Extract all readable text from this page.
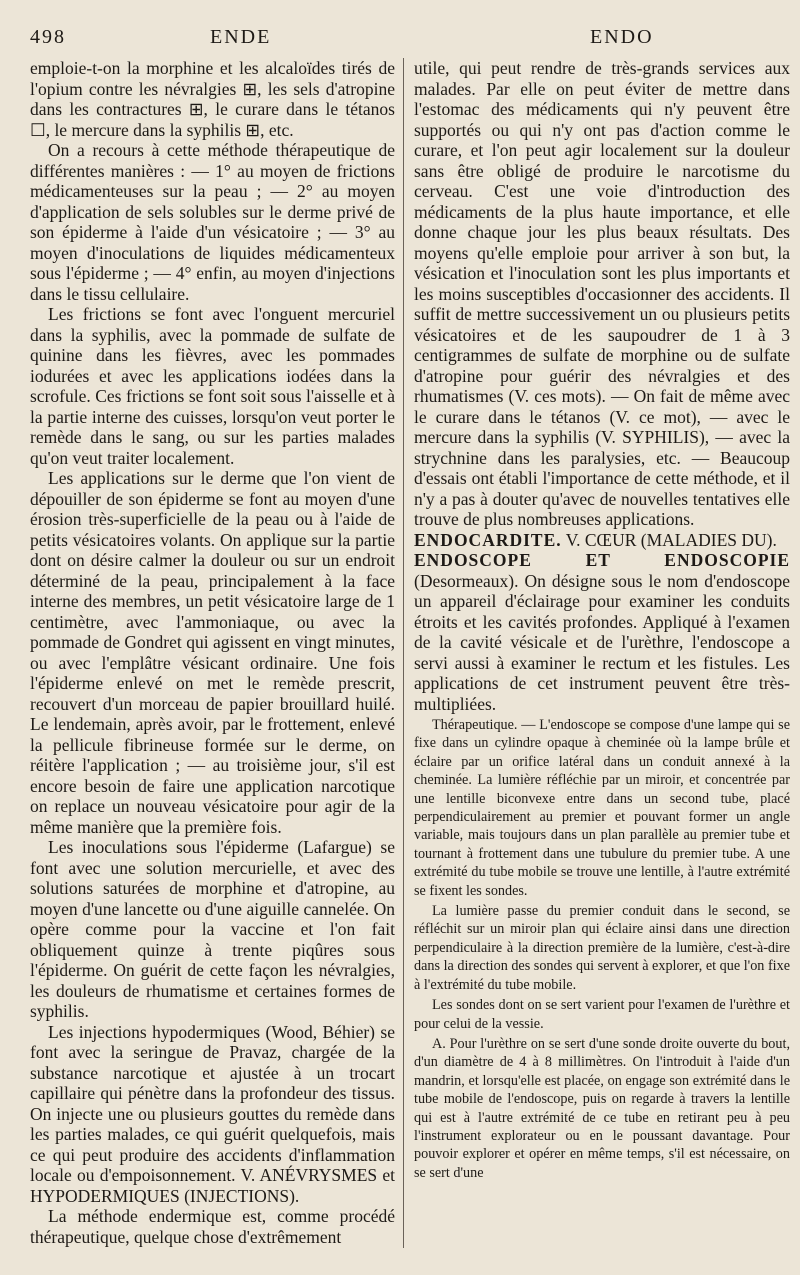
498	ENDE	ENDO

emploie-t-on la morphine et les alcaloïdes tirés de l'opium contre les névralgies ⊞, les sels d'atropine dans les contractures ⊞, le curare dans le tétanos ☐, le mercure dans la syphilis ⊞, etc.

On a recours à cette méthode thérapeutique de différentes manières : — 1° au moyen de frictions médicamenteuses sur la peau ; — 2° au moyen d'application de sels solubles sur le derme privé de son épiderme à l'aide d'un vésicatoire ; — 3° au moyen d'inoculations de liquides médicamenteux sous l'épiderme ; — 4° enfin, au moyen d'injections dans le tissu cellulaire.

Les frictions se font avec l'onguent mercuriel dans la syphilis, avec la pommade de sulfate de quinine dans les fièvres, avec les pommades iodurées et avec les applications iodées dans la scrofule. Ces frictions se font soit sous l'aisselle et à la partie interne des cuisses, lorsqu'on veut porter le remède dans le sang, ou sur les parties malades qu'on veut traiter localement.

Les applications sur le derme que l'on vient de dépouiller de son épiderme se font au moyen d'une érosion très-superficielle de la peau ou à l'aide de petits vésicatoires volants. On applique sur la partie dont on désire calmer la douleur ou sur un endroit déterminé de la peau, principalement à la face interne des membres, un petit vésicatoire large de 1 centimètre, avec l'ammoniaque, ou avec la pommade de Gondret qui agissent en vingt minutes, ou avec l'emplâtre vésicant ordinaire. Une fois l'épiderme enlevé on met le remède prescrit, recouvert d'un morceau de papier brouillard huilé. Le lendemain, après avoir, par le frottement, enlevé la pellicule fibrineuse formée sur le derme, on réitère l'application ; — au troisième jour, s'il est encore besoin de faire une application narcotique on replace un nouveau vésicatoire pour agir de la même manière que la première fois.

Les inoculations sous l'épiderme (Lafargue) se font avec une solution mercurielle, et avec des solutions saturées de morphine et d'atropine, au moyen d'une lancette ou d'une aiguille cannelée. On opère comme pour la vaccine et l'on fait obliquement quinze à trente piqûres sous l'épiderme. On guérit de cette façon les névralgies, les douleurs de rhumatisme et certaines formes de syphilis.

Les injections hypodermiques (Wood, Béhier) se font avec la seringue de Pravaz, chargée de la substance narcotique et ajustée à un trocart capillaire qui pénètre dans la profondeur des tissus. On injecte une ou plusieurs gouttes du remède dans les parties malades, ce qui guérit quelquefois, mais ce qui peut produire des accidents d'inflammation locale ou d'empoisonnement. V. ANÉVRYSMES et HYPODERMIQUES (INJECTIONS).

La méthode endermique est, comme procédé thérapeutique, quelque chose d'extrêmement

utile, qui peut rendre de très-grands services aux malades. Par elle on peut éviter de mettre dans l'estomac des médicaments qui n'y peuvent être supportés ou qui n'y ont pas d'action comme le curare, et l'on peut agir localement sur la douleur sans être obligé de produire le narcotisme du cerveau. C'est une voie d'introduction des médicaments de la plus haute importance, et elle donne chaque jour les plus beaux résultats. Des moyens qu'elle emploie pour arriver à son but, la vésication et l'inoculation sont les plus importants et les moins susceptibles d'occasionner des accidents. Il suffit de mettre successivement un ou plusieurs petits vésicatoires et de les saupoudrer de 1 à 3 centigrammes de sulfate de morphine ou de sulfate d'atropine pour guérir des névralgies et des rhumatismes (V. ces mots). — On fait de même avec le curare dans le tétanos (V. ce mot), — avec le mercure dans la syphilis (V. SYPHILIS), — avec la strychnine dans les paralysies, etc. — Beaucoup d'essais ont établi l'importance de cette méthode, et il n'y a pas à douter qu'avec de nouvelles tentatives elle trouve de plus nombreuses applications.

ENDOCARDITE. V. CŒUR (MALADIES DU).

ENDOSCOPE ET ENDOSCOPIE (Desormeaux). On désigne sous le nom d'endoscope un appareil d'éclairage pour examiner les conduits étroits et les cavités profondes. Appliqué à l'examen de la cavité vésicale et de l'urèthre, l'endoscope a servi aussi à examiner le rectum et les fistules. Les applications de cet instrument peuvent être très-multipliées.

Thérapeutique. — L'endoscope se compose d'une lampe qui se fixe dans un cylindre opaque à cheminée où la lampe brûle et éclaire par un orifice latéral dans un conduit annexé à la cheminée. La lumière réfléchie par un miroir, et concentrée par une lentille biconvexe entre dans un second tube, placé perpendiculairement au premier et pouvant former un angle variable, mais toujours dans un plan parallèle au premier tube et tournant à frottement dans une tubulure du premier tube. A une extrémité du tube mobile se trouve une lentille, à l'autre extrémité se fixent les sondes.

La lumière passe du premier conduit dans le second, se réfléchit sur un miroir plan qui éclaire ainsi dans une direction perpendiculaire à la direction première de la lumière, c'est-à-dire dans la direction des sondes qui servent à explorer, et que l'on fixe à l'extrémité du tube mobile.

Les sondes dont on se sert varient pour l'examen de l'urèthre et pour celui de la vessie.

A. Pour l'urèthre on se sert d'une sonde droite ouverte du bout, d'un diamètre de 4 à 8 millimètres. On l'introduit à l'aide d'un mandrin, et lorsqu'elle est placée, on engage son extrémité dans le tube mobile de l'endoscope, puis on regarde à travers la lentille qui est à l'autre extrémité de ce tube en retirant peu à peu l'instrument explorateur ou en le poussant davantage. Pour pouvoir explorer et opérer en même temps, s'il est nécessaire, on se sert d'une
